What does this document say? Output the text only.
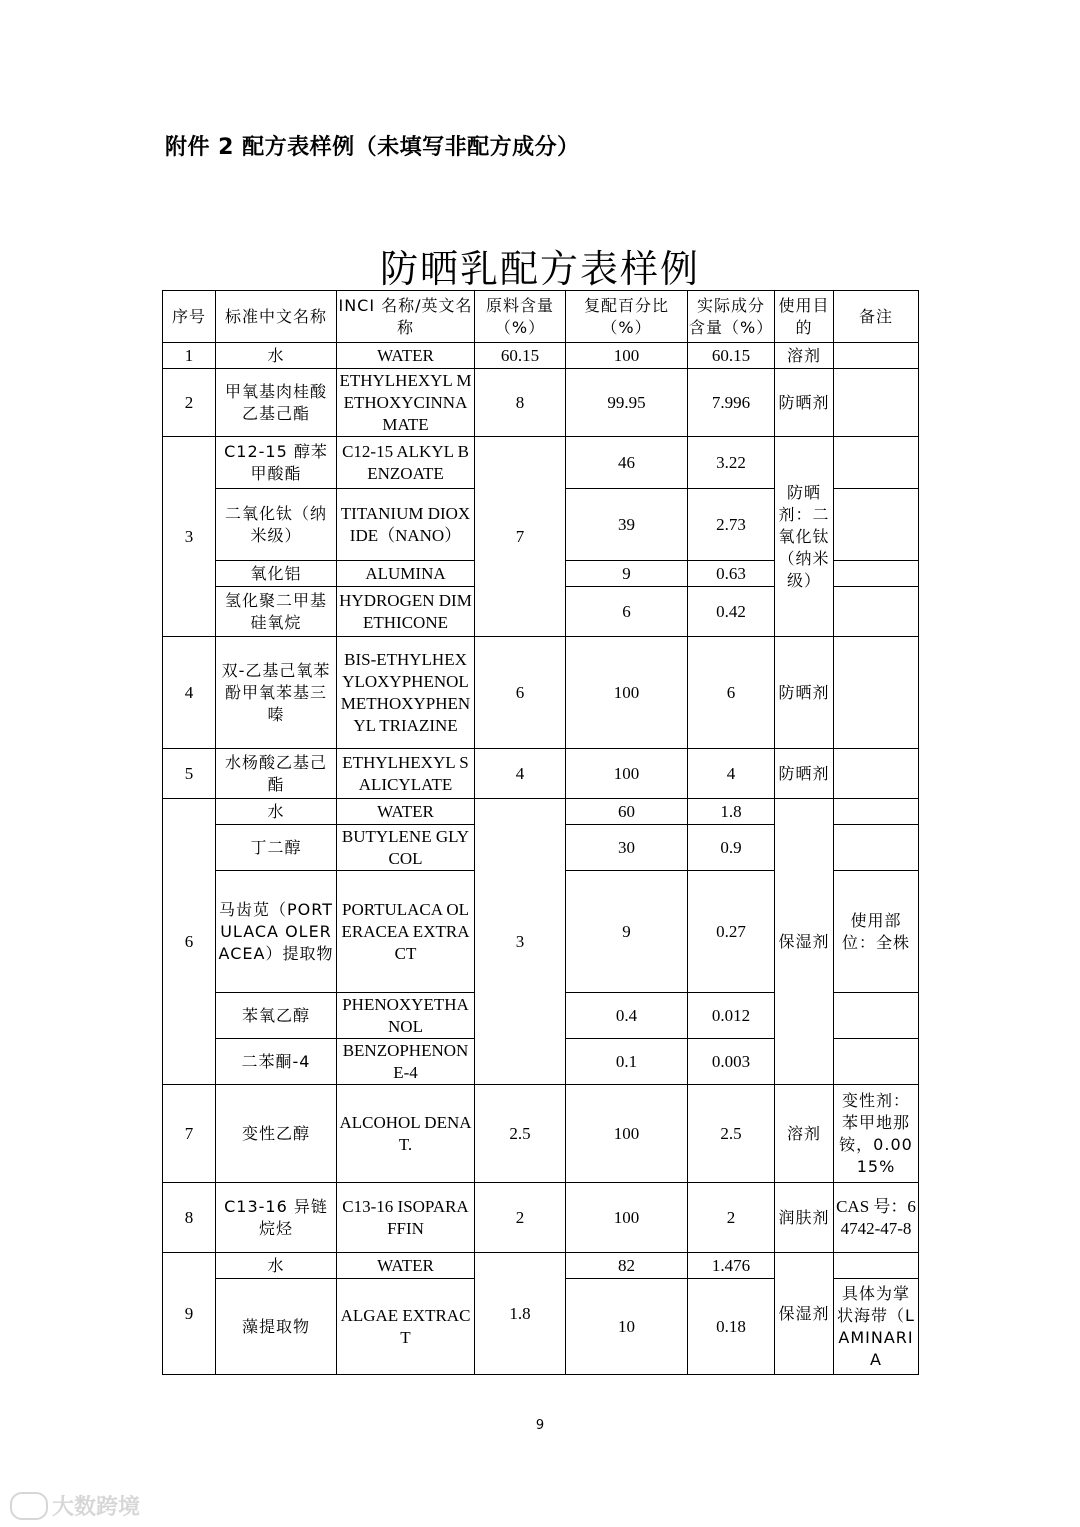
附件 2 配方表样例（未填写非配方成分）
防晒乳配方表样例
序号	标准中文名称	INCI 名称/英文名称	原料含量（%）	复配百分比（%）	实际成分含量（%）	使用目的	备注
1	水	WATER	60.15	100	60.15	溶剂	
2	甲氧基肉桂酸乙基己酯	ETHYLHEXYL METHOXYCINNAMATE	8	99.95	7.996	防晒剂	
3	C12-15 醇苯甲酸酯	C12-15 ALKYL BENZOATE	7	46	3.22	防晒剂：二氧化钛（纳米级）	
	二氧化钛（纳米级）	TITANIUM DIOXIDE（NANO）		39	2.73		
	氧化铝	ALUMINA		9	0.63		
	氢化聚二甲基硅氧烷	HYDROGEN DIMETHICONE		6	0.42		
4	双-乙基己氧苯酚甲氧苯基三嗪	BIS-ETHYLHEXYLOXYPHENOL METHOXYPHENYL TRIAZINE	6	100	6	防晒剂	
5	水杨酸乙基己酯	ETHYLHEXYL SALICYLATE	4	100	4	防晒剂	
6	水	WATER	3	60	1.8	保湿剂	
	丁二醇	BUTYLENE GLYCOL		30	0.9		
	马齿苋（PORTULACA OLERACEA）提取物	PORTULACA OLERACEA EXTRACT		9	0.27		使用部位：全株
	苯氧乙醇	PHENOXYETHANOL		0.4	0.012		
	二苯酮-4	BENZOPHENONE-4		0.1	0.003		
7	变性乙醇	ALCOHOL DENAT.	2.5	100	2.5	溶剂	变性剂：苯甲地那铵，0.0015%
8	C13-16 异链烷烃	C13-16 ISOPARAFFIN	2	100	2	润肤剂	CAS 号：64742-47-8
9	水	WATER	1.8	82	1.476	保湿剂	
	藻提取物	ALGAE EXTRACT		10	0.18		具体为掌状海带（LAMINARIA
9
大数跨境
